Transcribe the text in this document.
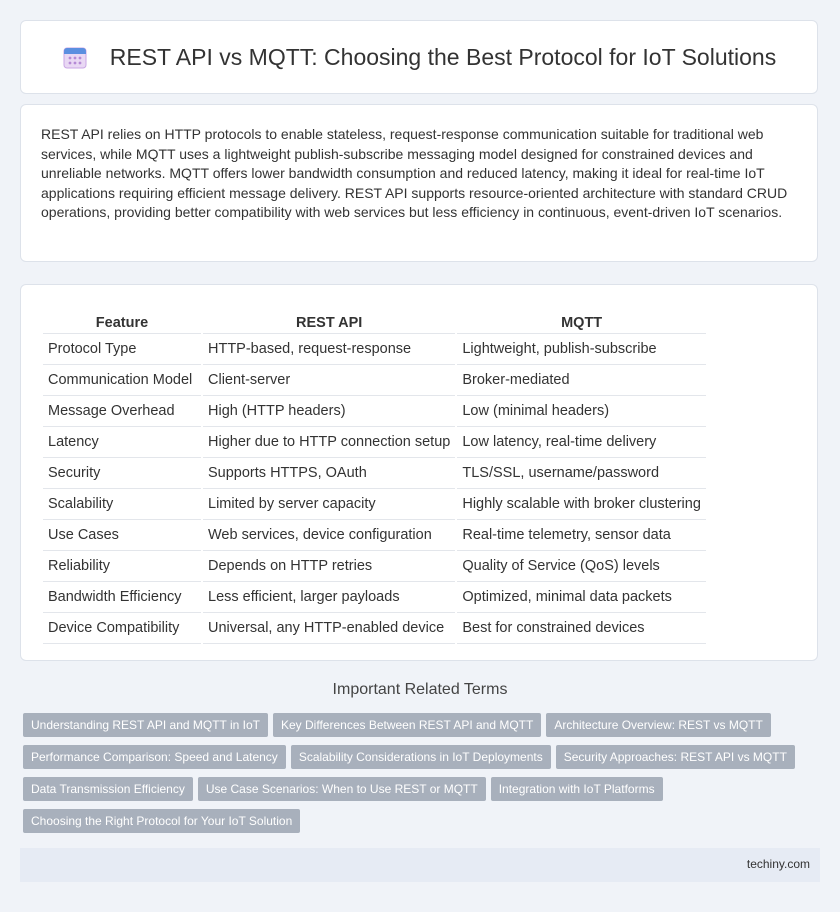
REST API vs MQTT: Choosing the Best Protocol for IoT Solutions

REST API relies on HTTP protocols to enable stateless, request-response communication suitable for traditional web services, while MQTT uses a lightweight publish-subscribe messaging model designed for constrained devices and unreliable networks. MQTT offers lower bandwidth consumption and reduced latency, making it ideal for real-time IoT applications requiring efficient message delivery. REST API supports resource-oriented architecture with standard CRUD operations, providing better compatibility with web services but less efficiency in continuous, event-driven IoT scenarios.

Feature	REST API	MQTT
Protocol Type	HTTP-based, request-response	Lightweight, publish-subscribe
Communication Model	Client-server	Broker-mediated
Message Overhead	High (HTTP headers)	Low (minimal headers)
Latency	Higher due to HTTP connection setup	Low latency, real-time delivery
Security	Supports HTTPS, OAuth	TLS/SSL, username/password
Scalability	Limited by server capacity	Highly scalable with broker clustering
Use Cases	Web services, device configuration	Real-time telemetry, sensor data
Reliability	Depends on HTTP retries	Quality of Service (QoS) levels
Bandwidth Efficiency	Less efficient, larger payloads	Optimized, minimal data packets
Device Compatibility	Universal, any HTTP-enabled device	Best for constrained devices
Important Related Terms
Understanding REST API and MQTT in IoT Key Differences Between REST API and MQTT Architecture Overview: REST vs MQTT
Performance Comparison: Speed and Latency Scalability Considerations in IoT Deployments Security Approaches: REST API vs MQTT
Data Transmission Efficiency Use Case Scenarios: When to Use REST or MQTT Integration with IoT Platforms
Choosing the Right Protocol for Your IoT Solution
techiny.com
